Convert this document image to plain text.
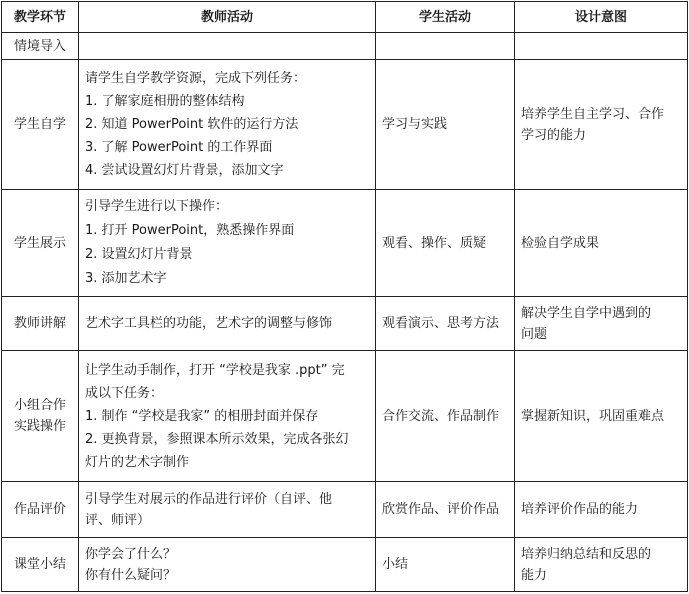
教学环节	教师活动	学生活动	设计意图

情境导入			

学生自学	请学生自学教学资源，完成下列任务：
1. 了解家庭相册的整体结构
2. 知道 PowerPoint 软件的运行方法
3. 了解 PowerPoint 的工作界面
4. 尝试设置幻灯片背景，添加文字	学习与实践	培养学生自主学习、合作
学习的能力

学生展示	引导学生进行以下操作：
1. 打开 PowerPoint，熟悉操作界面
2. 设置幻灯片背景
3. 添加艺术字	观看、操作、质疑	检验自学成果

教师讲解	艺术字工具栏的功能，艺术字的调整与修饰	观看演示、思考方法	解决学生自学中遇到的
问题

小组合作
实践操作	让学生动手制作，打开 “学校是我家 .ppt” 完
成以下任务：
1. 制作 “学校是我家” 的相册封面并保存
2. 更换背景，参照课本所示效果，完成各张幻
灯片的艺术字制作	合作交流、作品制作	掌握新知识，巩固重难点

作品评价	引导学生对展示的作品进行评价（自评、他
评、师评）	欣赏作品、评价作品	培养评价作品的能力

课堂小结	你学会了什么？
你有什么疑问？	小结	培养归纳总结和反思的
能力
